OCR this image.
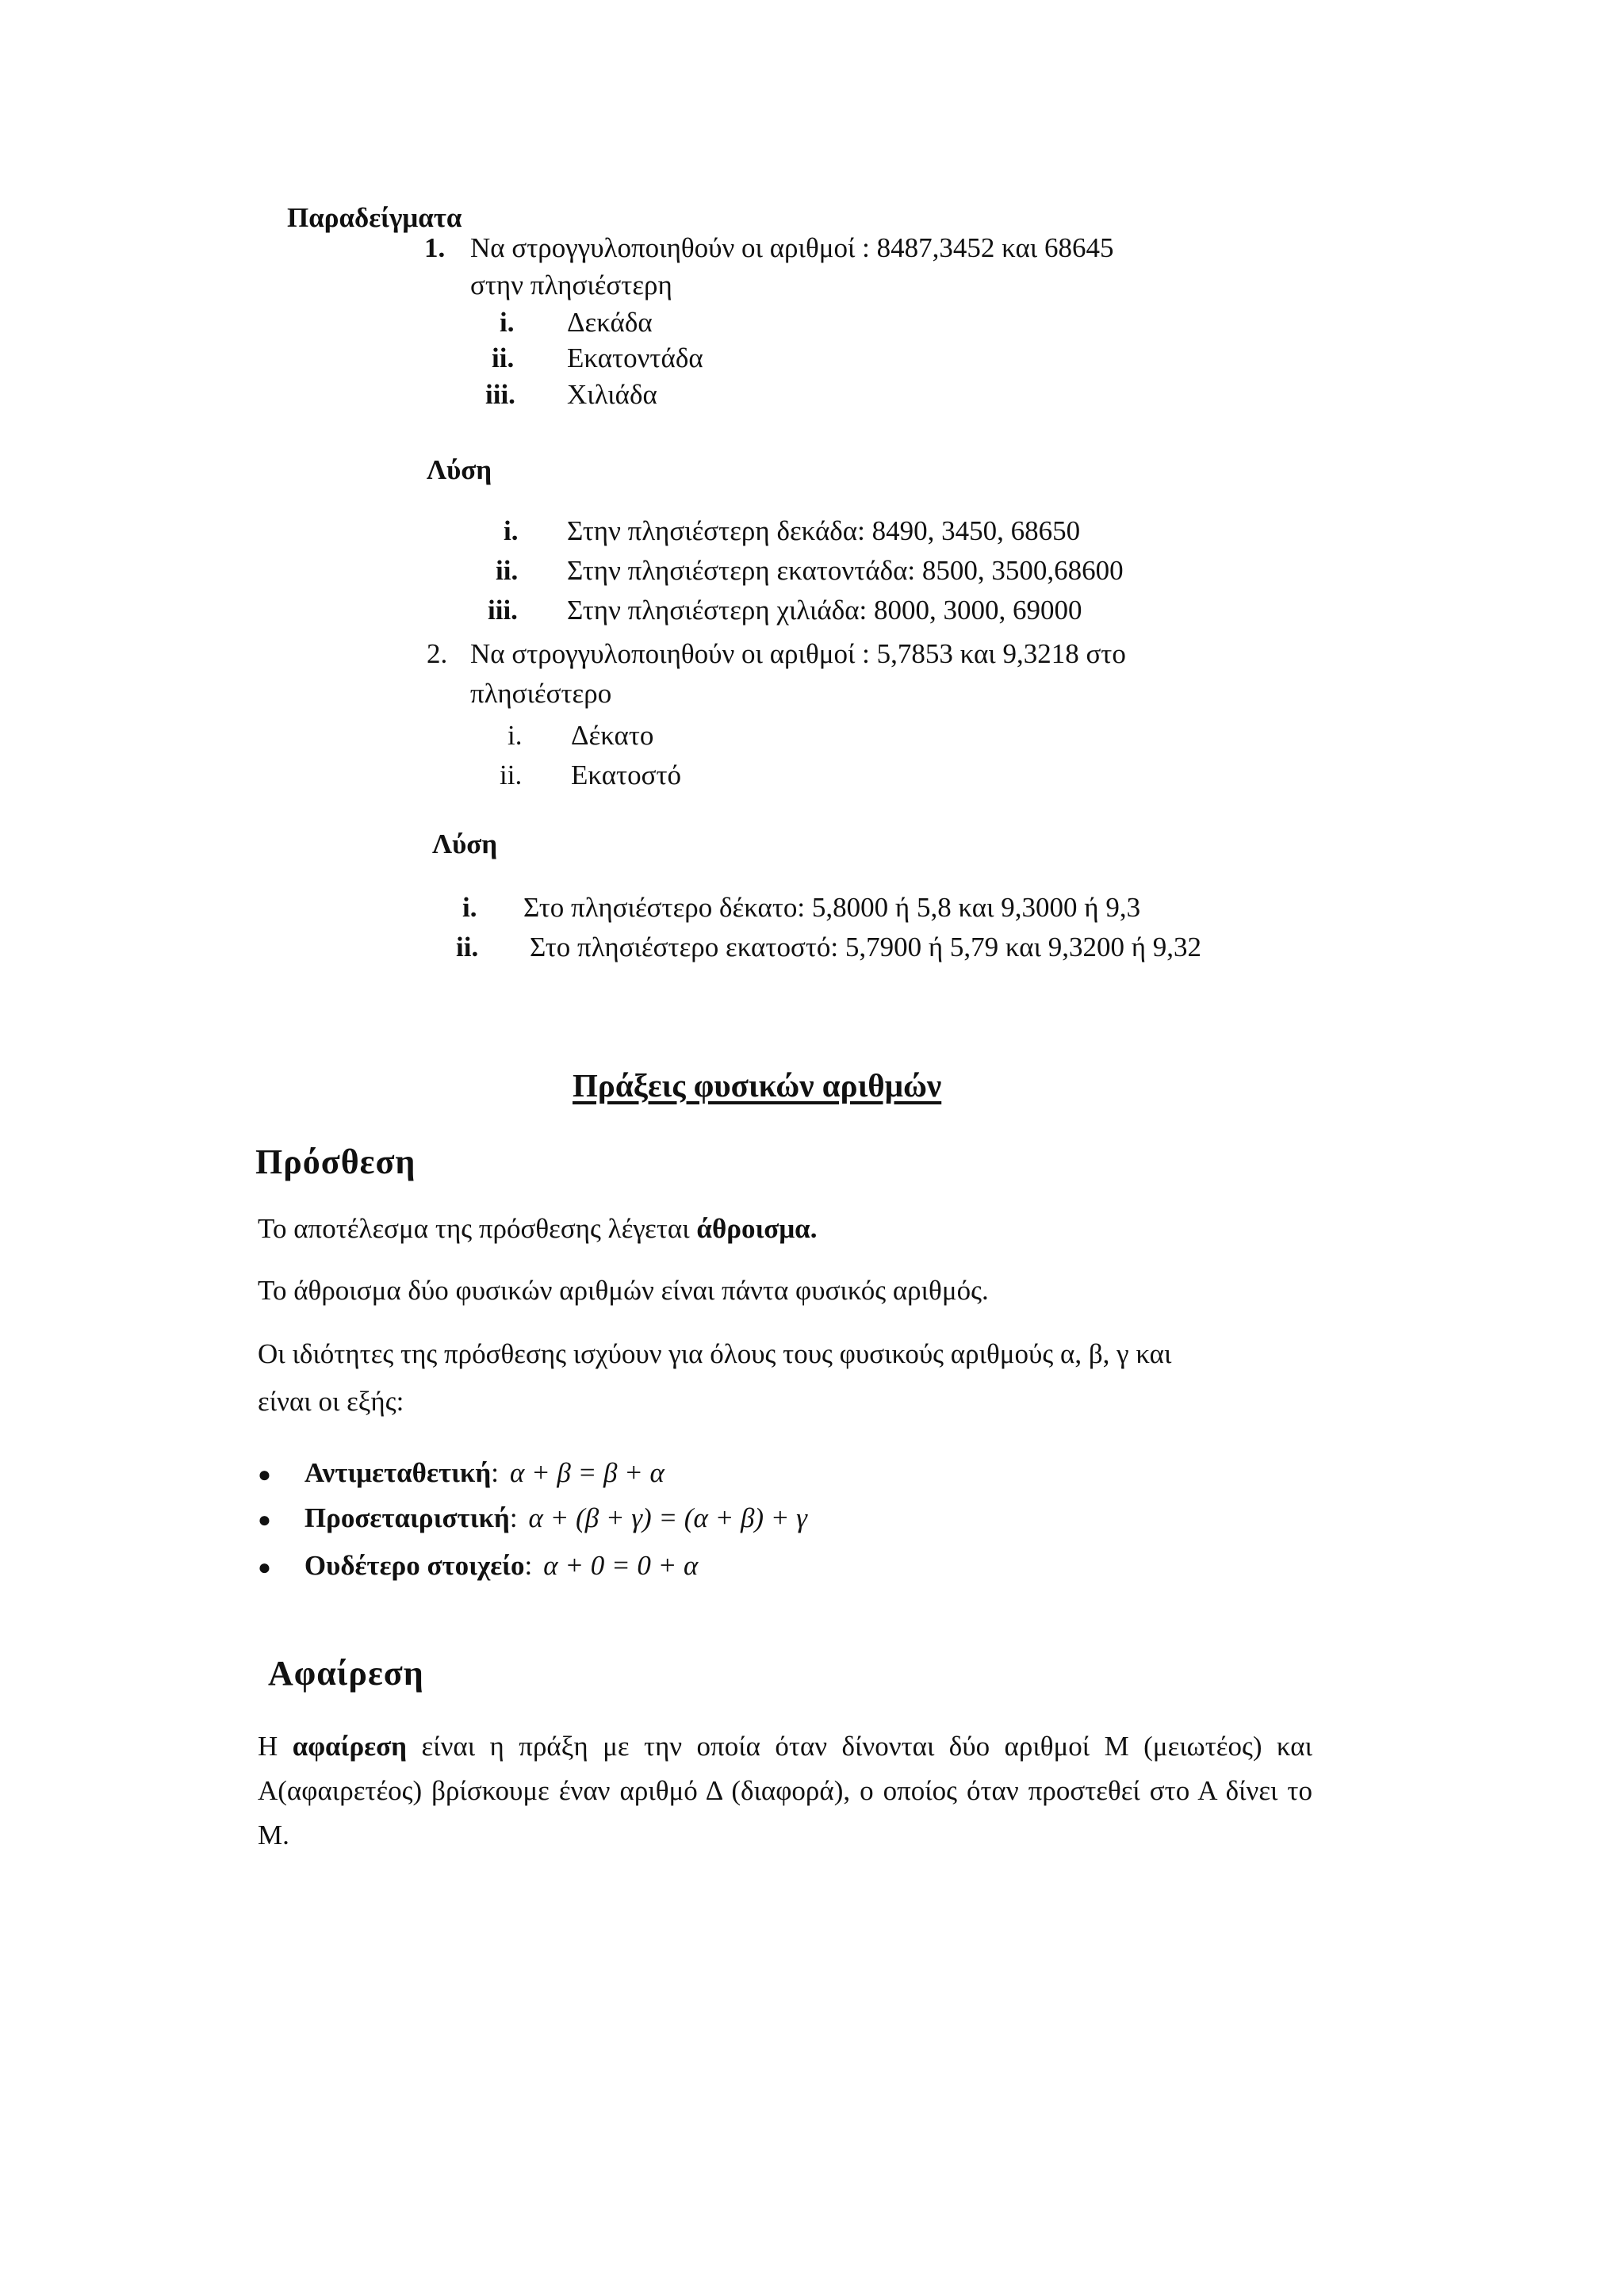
Παραδείγματα
1. Να στρογγυλοποιηθούν οι αριθμοί : 8487,3452 και 68645
στην πλησιέστερη
i. Δεκάδα
ii. Εκατοντάδα
iii. Χιλιάδα
Λύση
i. Στην πλησιέστερη δεκάδα: 8490, 3450, 68650
ii. Στην πλησιέστερη εκατοντάδα: 8500, 3500,68600
iii. Στην πλησιέστερη χιλιάδα: 8000, 3000, 69000
2. Να στρογγυλοποιηθούν οι αριθμοί : 5,7853 και 9,3218 στο
πλησιέστερο
i. Δέκατο
ii. Εκατοστό
Λύση
i. Στο πλησιέστερο δέκατο: 5,8000 ή 5,8 και 9,3000 ή 9,3
ii. Στο πλησιέστερο εκατοστό: 5,7900 ή 5,79 και 9,3200 ή 9,32
Πράξεις φυσικών αριθμών
Πρόσθεση
Το αποτέλεσμα της πρόσθεσης λέγεται άθροισμα.
Το άθροισμα δύο φυσικών αριθμών είναι πάντα φυσικός αριθμός.
Οι ιδιότητες της πρόσθεσης ισχύουν για όλους τους φυσικούς αριθμούς α, β, γ και
είναι οι εξής:
● Αντιμεταθετική: α + β = β + α
● Προσεταιριστική: α + (β + γ) = (α + β) + γ
● Ουδέτερο στοιχείο: α + 0 = 0 + α
Αφαίρεση
Η αφαίρεση είναι η πράξη με την οποία όταν δίνονται δύο αριθμοί Μ (μειωτέος) και Α(αφαιρετέος) βρίσκουμε έναν αριθμό Δ (διαφορά), ο οποίος όταν προστεθεί στο Α δίνει το Μ.
